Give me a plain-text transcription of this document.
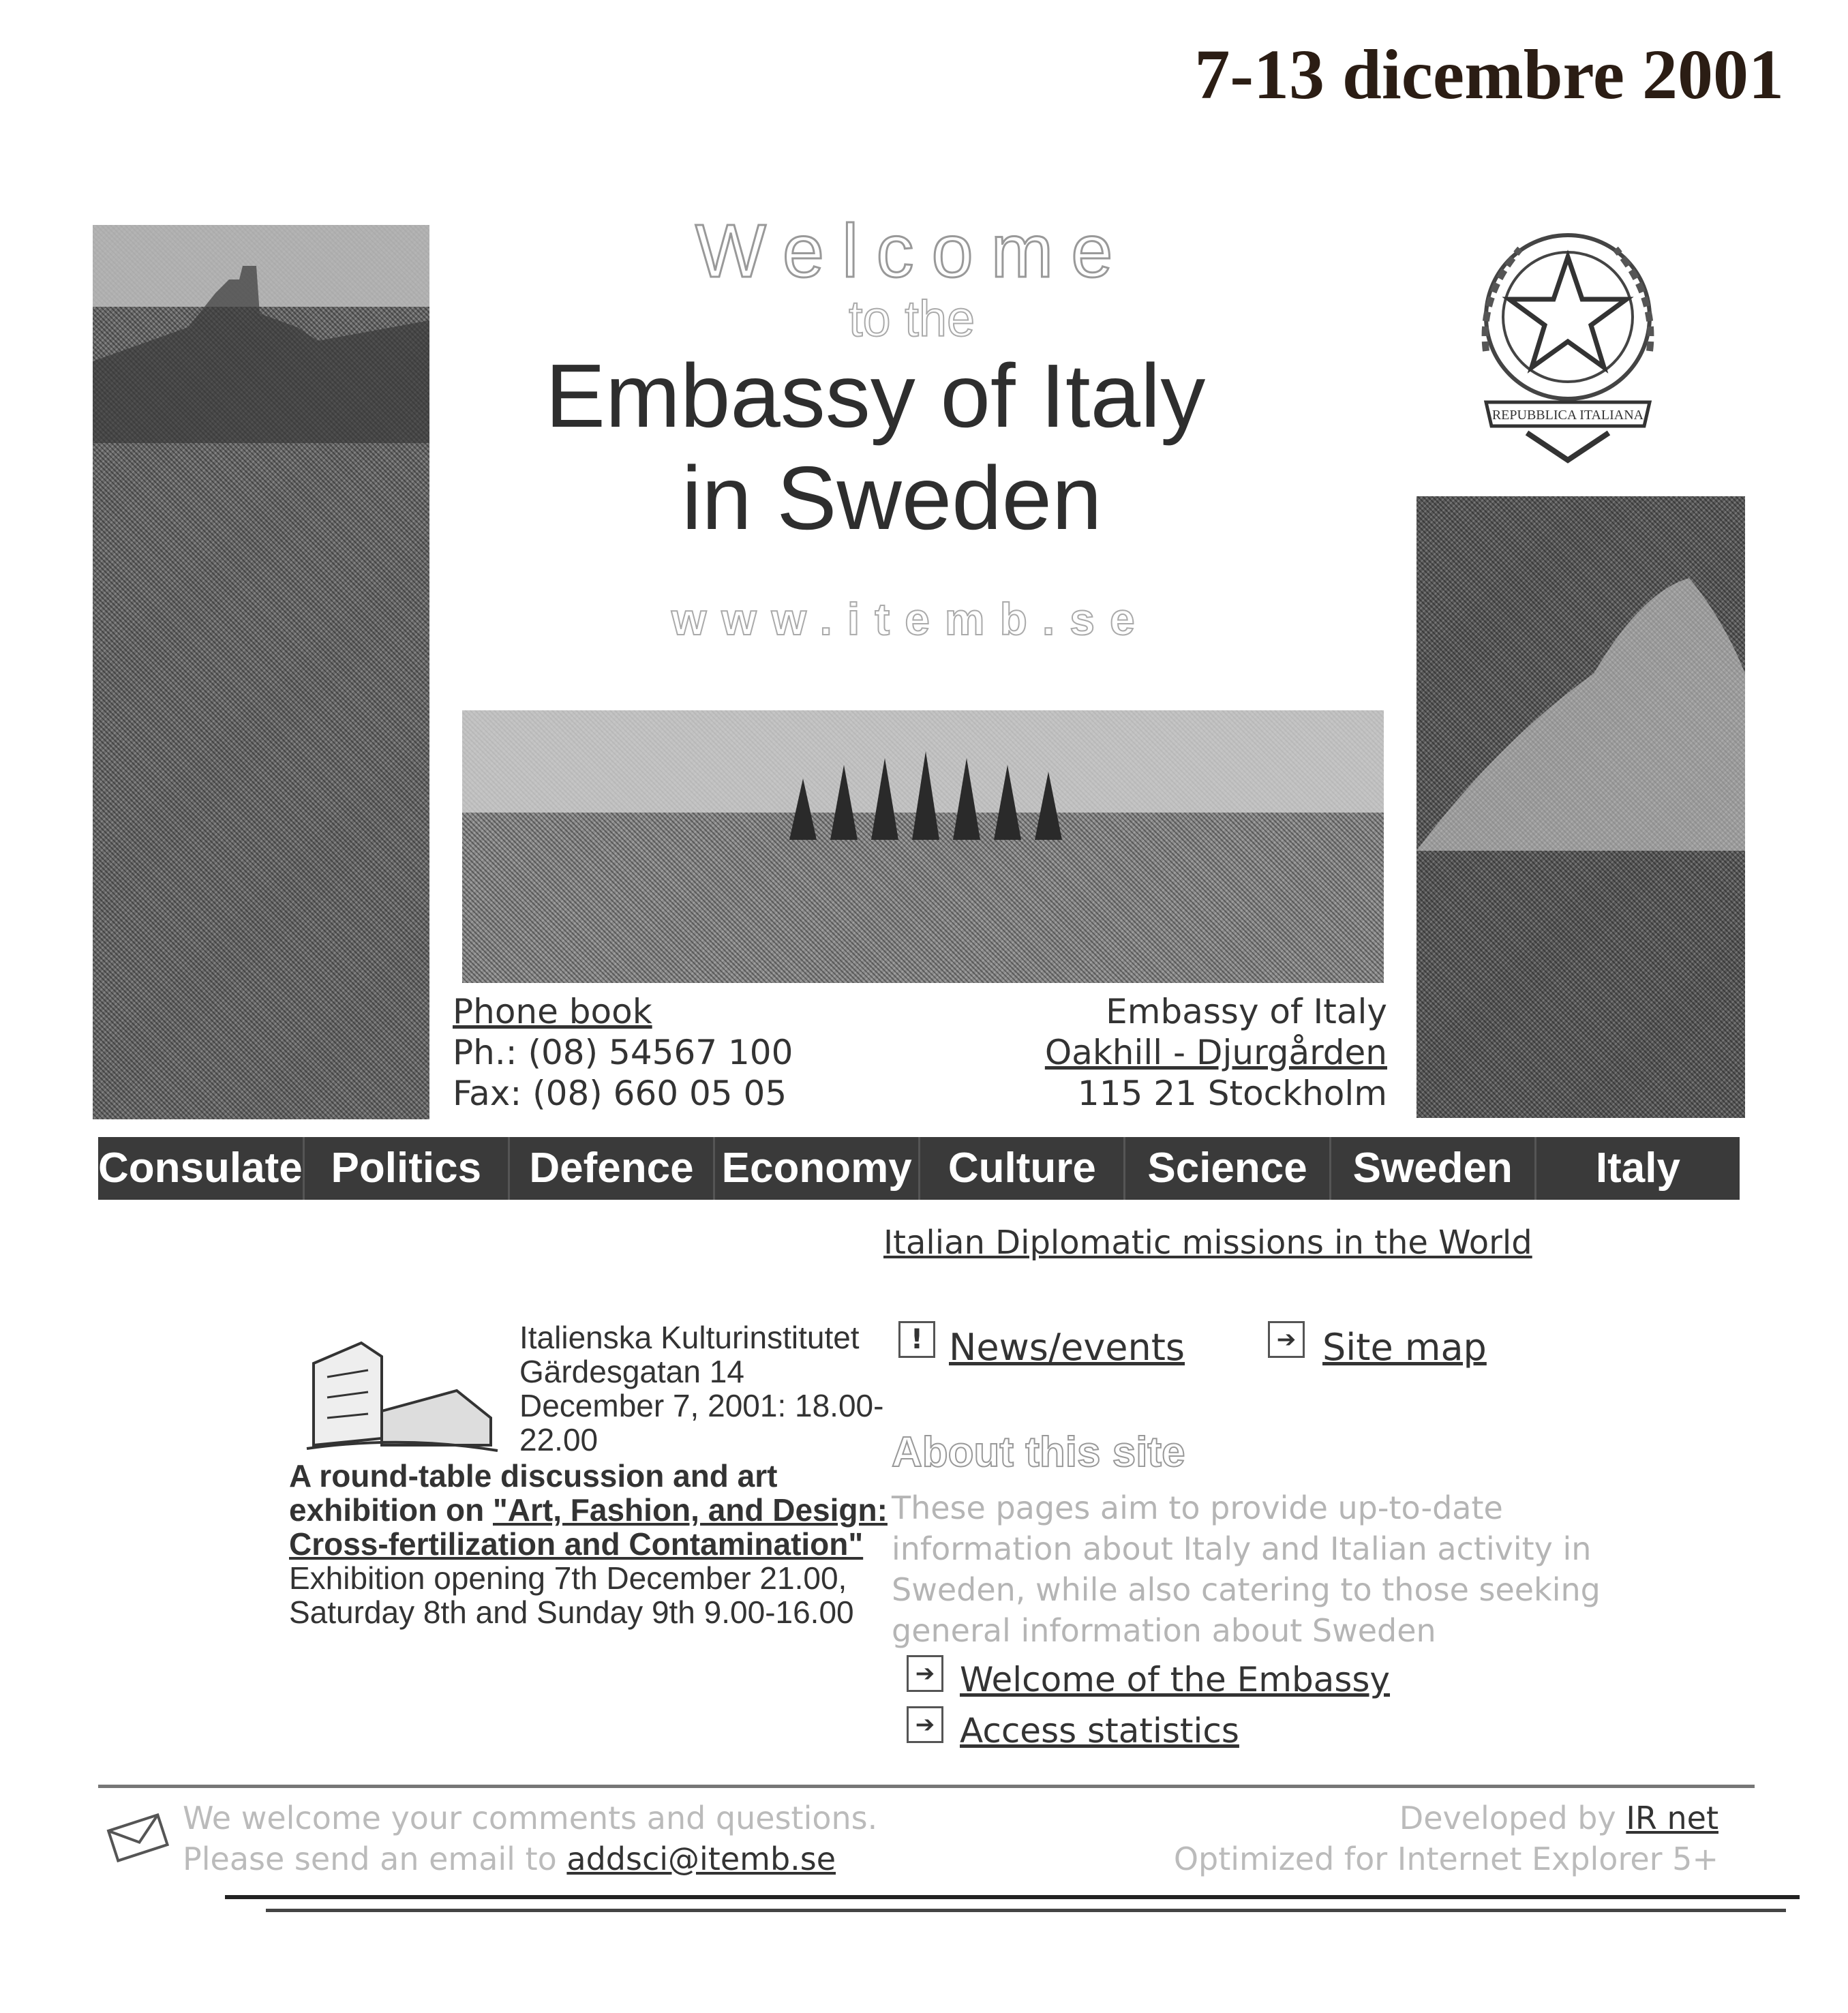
7-13 dicembre 2001
Welcome
to the
Embassy of Italy
in Sweden
www.itemb.se
REPUBBLICA ITALIANA
Phone book
Ph.: (08) 54567 100
Fax: (08) 660 05 05
Embassy of Italy
Oakhill - Djurgården
115 21 Stockholm
Consulate Politics	Defence Economy Culture	Science	Sweden	Italy
Italian Diplomatic missions in the World
Italienska Kulturinstitutet
Gärdesgatan 14
December 7, 2001: 18.00-
22.00
A round-table discussion and art
exhibition on "Art, Fashion, and Design:
Cross-fertilization and Contamination"
Exhibition opening 7th December 21.00,
Saturday 8th and Sunday 9th 9.00-16.00
! News/events	➔ Site map
About this site
These pages aim to provide up-to-date
information about Italy and Italian activity in
Sweden, while also catering to those seeking
general information about Sweden
➔ Welcome of the Embassy
➔ Access statistics
We welcome your comments and questions.
Please send an email to addsci@itemb.se
Developed by IR net
Optimized for Internet Explorer 5+
